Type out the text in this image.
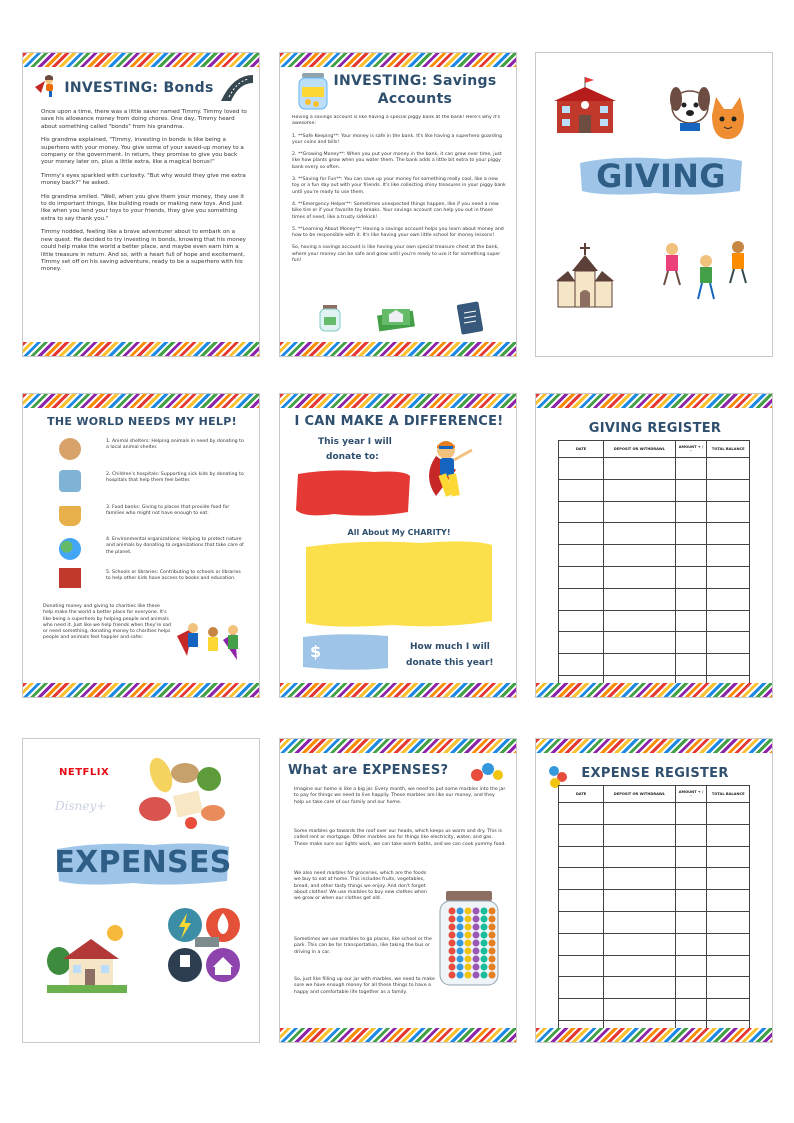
INVESTING: Bonds

Once upon a time, there was a little saver named Timmy. Timmy loved to save his allowance money from doing chores. One day, Timmy heard about something called "bonds" from his grandma.

His grandma explained, "Timmy, investing in bonds is like being a superhero with your money. You give some of your saved-up money to a company or the government. In return, they promise to give you back your money later on, plus a little extra, like a magical bonus!"

Timmy's eyes sparkled with curiosity. "But why would they give me extra money back?" he asked.

His grandma smiled. "Well, when you give them your money, they use it to do important things, like building roads or making new toys. And just like when you lend your toys to your friends, they give you something extra to say thank you."

Timmy nodded, feeling like a brave adventurer about to embark on a new quest. He decided to try investing in bonds, knowing that his money could help make the world a better place, and maybe even earn him a little treasure in return. And so, with a heart full of hope and excitement, Timmy set off on his saving adventure, ready to be a superhero with his money.

INVESTING: Savings
Accounts

Having a savings account is like having a special piggy bank at the bank! Here's why it's awesome:

1. **Safe Keeping**: Your money is safe in the bank. It's like having a superhero guarding your coins and bills!

2. **Growing Money**: When you put your money in the bank, it can grow over time, just like how plants grow when you water them. The bank adds a little bit extra to your piggy bank every so often.

3. **Saving for Fun**: You can save up your money for something really cool, like a new toy or a fun day out with your friends. It's like collecting shiny treasures in your piggy bank until you're ready to use them.

4. **Emergency Helper**: Sometimes unexpected things happen, like if you need a new bike tire or if your favorite toy breaks. Your savings account can help you out in those times of need, like a trusty sidekick!

5. **Learning About Money**: Having a savings account helps you learn about money and how to be responsible with it. It's like having your own little school for money lessons!

So, having a savings account is like having your own special treasure chest at the bank, where your money can be safe and grow until you're ready to use it for something super fun!

GIVING
THE WORLD NEEDS MY HELP!
1. Animal shelters: Helping animals in need by donating to a local animal shelter.
2. Children's hospitals: Supporting sick kids by donating to hospitals that help them feel better.
3. Food banks: Giving to places that provide food for families who might not have enough to eat.
4. Environmental organizations: Helping to protect nature and animals by donating to organizations that take care of the planet.
5. Schools or libraries: Contributing to schools or libraries to help other kids have access to books and education.
Donating money and giving to charities like these help make the world a better place for everyone. It's like being a superhero by helping people and animals who need it. Just like we help friends when they're sad or need something, donating money to charities helps people and animals feel happier and safer.
I CAN MAKE A DIFFERENCE!
This year I will
donate to:
All About My CHARITY!
$	How much I will
donate this year!
GIVING REGISTER
DATE	DEPOSIT OR WITHDRAWL	AMOUNT + / -	TOTAL BALANCE

NETFLIX
Disney+
EXPENSES
What are EXPENSES?
Imagine our home is like a big jar. Every month, we need to put some marbles into the jar to pay for things we need to live happily. These marbles are like our money, and they help us take care of our family and our home.
Some marbles go towards the roof over our heads, which keeps us warm and dry. This is called rent or mortgage. Other marbles are for things like electricity, water, and gas. These make sure our lights work, we can take warm baths, and we can cook yummy food.
We also need marbles for groceries, which are the foods we buy to eat at home. This includes fruits, vegetables, bread, and other tasty things we enjoy. And don't forget about clothes! We use marbles to buy new clothes when we grow or when our clothes get old.
Sometimes we use marbles to go places, like school or the park. This can be for transportation, like taking the bus or driving in a car.
So, just like filling up our jar with marbles, we need to make sure we have enough money for all these things to have a happy and comfortable life together as a family.
EXPENSE REGISTER
DATE	DEPOSIT OR WITHDRAWL	AMOUNT + / -	TOTAL BALANCE
